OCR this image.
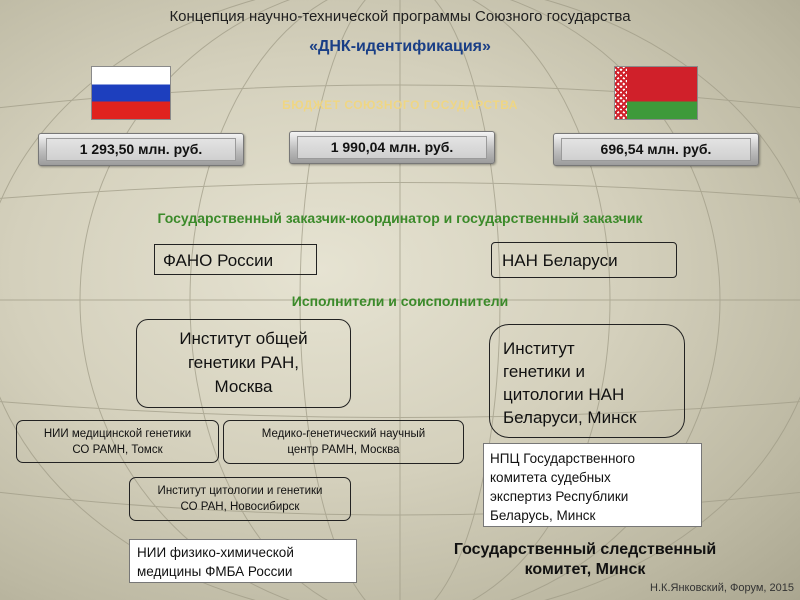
Концепция научно-технической программы Союзного государства
«ДНК-идентификация»
БЮДЖЕТ СОЮЗНОГО ГОСУДАРСТВА
1 293,50 млн. руб.	1 990,04 млн. руб.	696,54 млн. руб.
Государственный заказчик-координатор и государственный заказчик
ФАНО России	НАН Беларуси
Исполнители и соисполнители
Институт общей
генетики РАН,
Москва
Институт
генетики и
цитологии НАН
Беларуси, Минск
НИИ медицинской генетики
СО РАМН, Томск
Медико-генетический научный
центр РАМН, Москва
Институт цитологии и генетики
СО РАН, Новосибирск
НИИ физико-химической
медицины ФМБА России
НПЦ Государственного
комитета судебных
экспертиз Республики
Беларусь, Минск
Государственный следственный
комитет, Минск
Н.К.Янковский, Форум, 2015
